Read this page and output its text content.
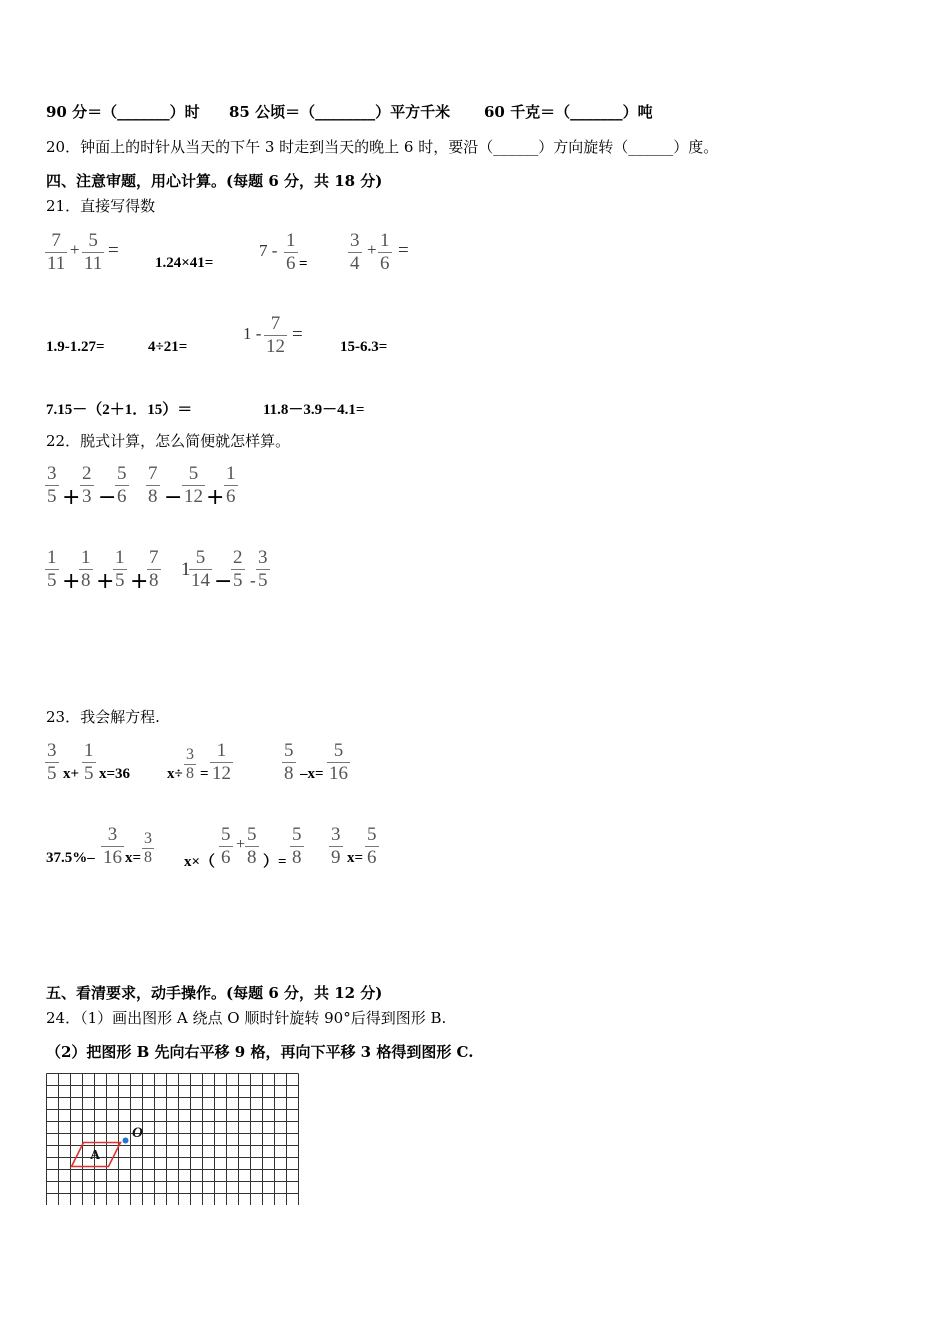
90 分＝（_______）时 85 公顷＝（________）平方千米 60 千克＝（_______）吨
20．钟面上的时针从当天的下午 3 时走到当天的晚上 6 时，要沿（______）方向旋转（______）度。
四、注意审题，用心计算。(每题 6 分，共 18 分)
21．直接写得数
$\frac{7}{11} + \frac{5}{11}$ =
1.24×41=
$7 - \frac{1}{6} = \frac{3}{4} + \frac{1}{6}$ =
1.9-1.27=	4÷21=
$1 - \frac{7}{12}$ =
15-6.3=
7.15－（2＋1．15）＝	11.8－3.9－4.1=
22．脱式计算，怎么简便就怎样算。
$\frac{3}{5} + \frac{2}{3}$ −
$\frac{5}{6} \frac{7}{8} - \frac{5}{12} + \frac{1}{6}$
$\frac{1}{5}$ +
$\frac{1}{8}$ +
$\frac{1}{5}$ +
$\frac{7}{8} 1$
$\frac{5}{14}$ −
$\frac{2}{5} - \frac{3}{5}$
23．我会解方程.
$\frac{3}{5} x+ \frac{1}{5} x=36$ $x\div \frac{3}{8} = \frac{1}{12}$	$\frac{5}{8} -x= \frac{5}{16}$
$37.5\%- \frac{3}{16} x= \frac{3}{8} x\times( \frac{5}{6} + \frac{5}{8}$ ）= $\frac{5}{8} \frac{3}{9} x= \frac{5}{6}$
五、看清要求，动手操作。(每题 6 分，共 12 分)
24．（1）画出图形 A 绕点 O 顺时针旋转 90°后得到图形 B.
（2）把图形 B 先向右平移 9 格，再向下平移 3 格得到图形 C.
A
O
